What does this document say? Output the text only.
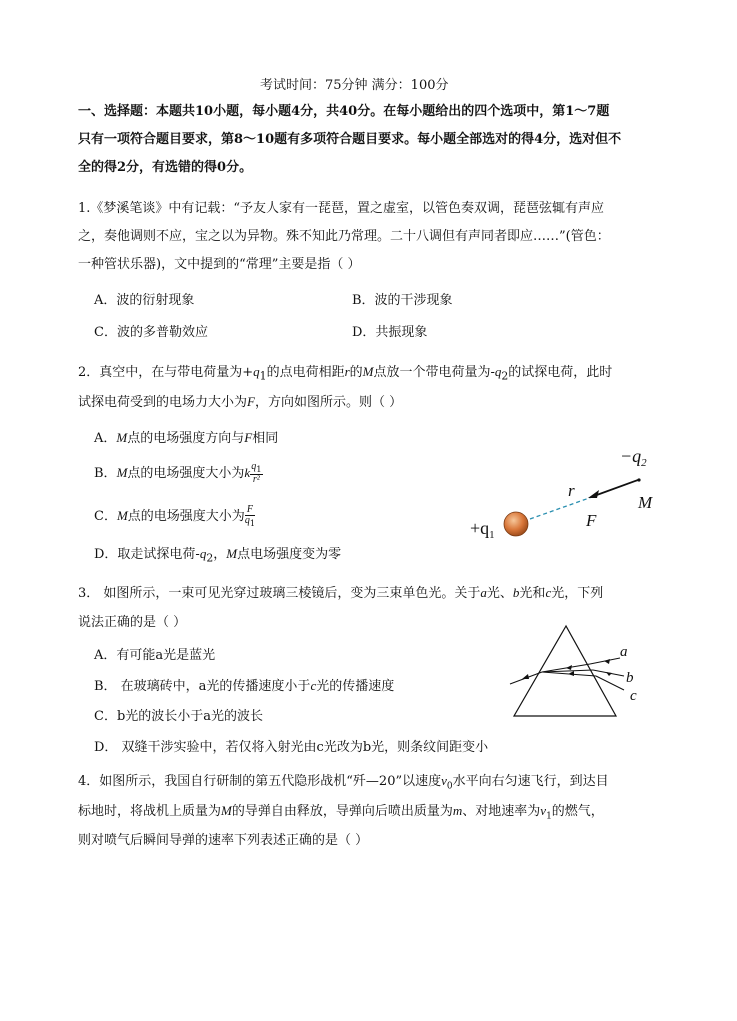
考试时间：75分钟 满分：100分
一、选择题：本题共10小题，每小题4分，共40分。在每小题给出的四个选项中，第1～7题
只有一项符合题目要求，第8～10题有多项符合题目要求。每小题全部选对的得4分，选对但不
全的得2分，有选错的得0分。
1.《梦溪笔谈》中有记载：“予友人家有一琵琶，置之虚室，以管色奏双调，琵琶弦辄有声应
之，奏他调则不应，宝之以为异物。殊不知此乃常理。二十八调但有声同者即应……”(管色：
一种管状乐器)，文中提到的“常理”主要是指（ ）
A．波的衍射现象	B．波的干涉现象
C．波的多普勒效应	D．共振现象
2．真空中，在与带电荷量为$+q_1$的点电荷相距r的M点放一个带电荷量为$-q_2$的试探电荷，此时
试探电荷受到的电场力大小为F，方向如图所示。则（ ）
A．M点的电场强度方向与F相同
B．M点的电场强度大小为k $\frac{q_1}{\text{r²}}$
C．M点的电场强度大小为 $\frac{F}{q_1}$
D．取走试探电荷$-q_2$，M点电场强度变为零
$+q_1$
$-q_2$
r
F
M
3． 如图所示，一束可见光穿过玻璃三棱镜后，变为三束单色光。关于a光、b光和c光，下列
说法正确的是（ ）
A．有可能a光是蓝光
B． 在玻璃砖中，a光的传播速度小于c光的传播速度
C．b光的波长小于a光的波长
D． 双缝干涉实验中，若仅将入射光由c光改为b光，则条纹间距变小
a
b
c
4．如图所示，我国自行研制的第五代隐形战机“歼—20”以速度$v_0$水平向右匀速飞行，到达目
标地时，将战机上质量为M的导弹自由释放，导弹向后喷出质量为m、对地速率为$v_1$的燃气，
则对喷气后瞬间导弹的速率下列表述正确的是（ ）
